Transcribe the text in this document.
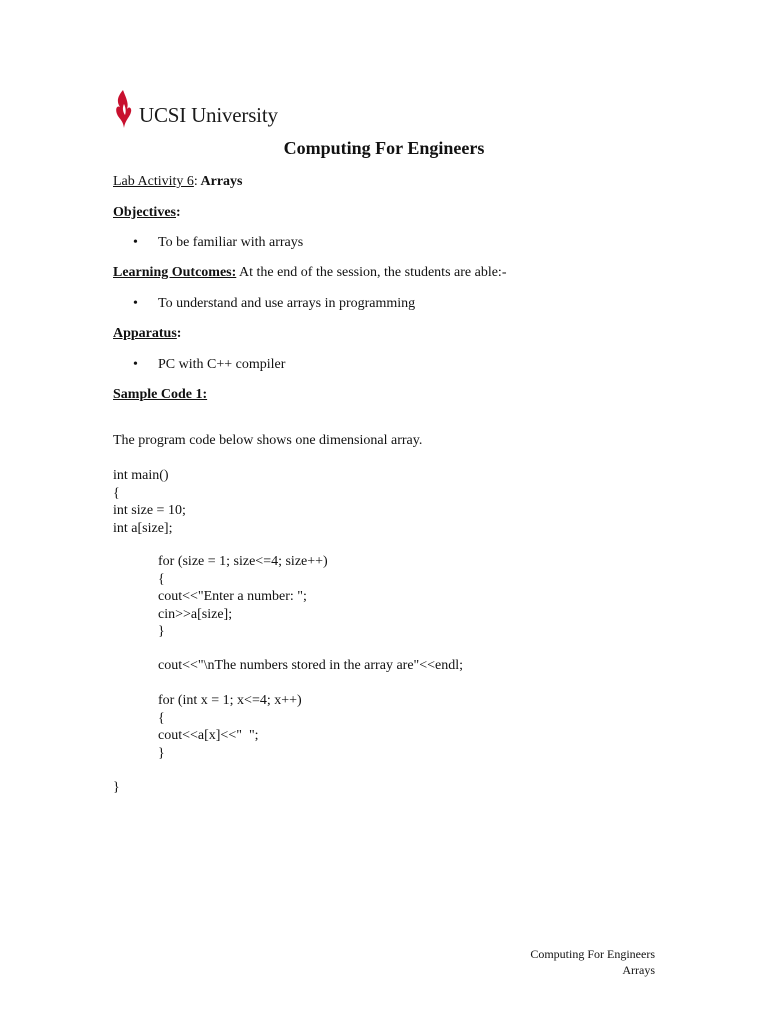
UCSI University
Computing For Engineers
Lab Activity 6: Arrays
Objectives:
• To be familiar with arrays
Learning Outcomes: At the end of the session, the students are able:-
• To understand and use arrays in programming
Apparatus:
• PC with C++ compiler
Sample Code 1:
The program code below shows one dimensional array.
int main()
{
int size = 10;
int a[size];
for (size = 1; size<=4; size++)
{
cout<<"Enter a number: ";
cin>>a[size];
}
cout<<"\nThe numbers stored in the array are"<<endl;
for (int x = 1; x<=4; x++)
{
cout<<a[x]<<"  ";
}
}
Computing For Engineers
Arrays
